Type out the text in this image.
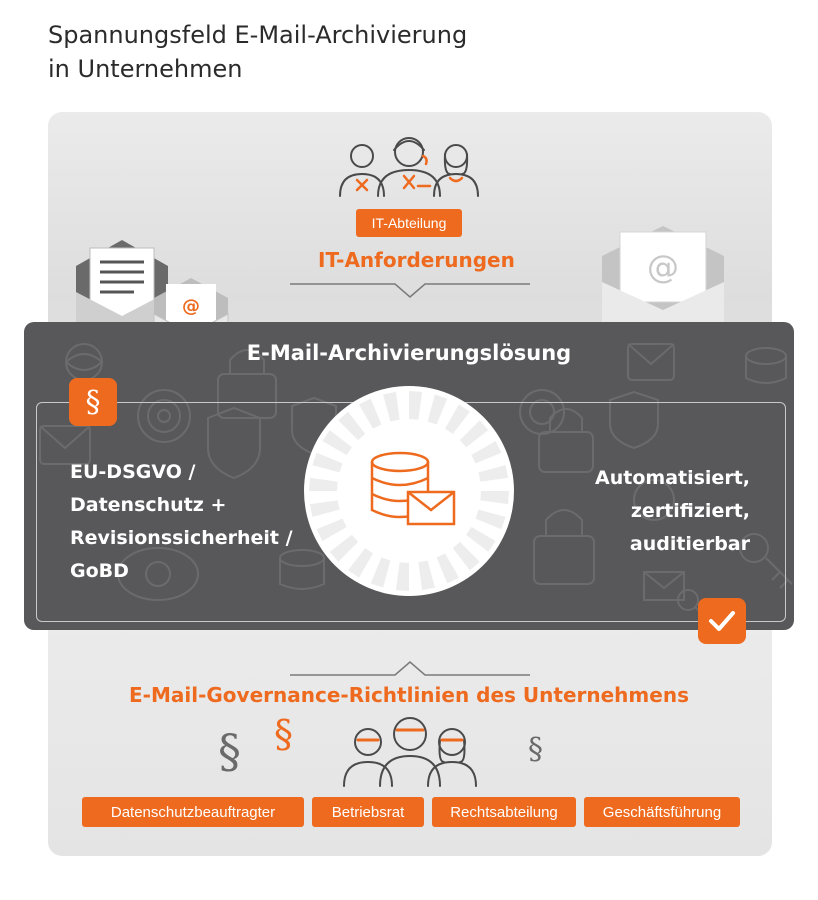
Spannungsfeld E-Mail-Archivierung
in Unternehmen
IT-Abteilung
IT-Anforderungen
@
@
E-Mail-Archivierungslösung
§
EU-DSGVO /
Datenschutz +
Revisionssicherheit /
GoBD
Automatisiert,
zertifiziert,
auditierbar
E-Mail-Governance-Richtlinien des Unternehmens
§ §	§
Datenschutzbeauftragter	Betriebsrat	Rechtsabteilung	Geschäftsführung
